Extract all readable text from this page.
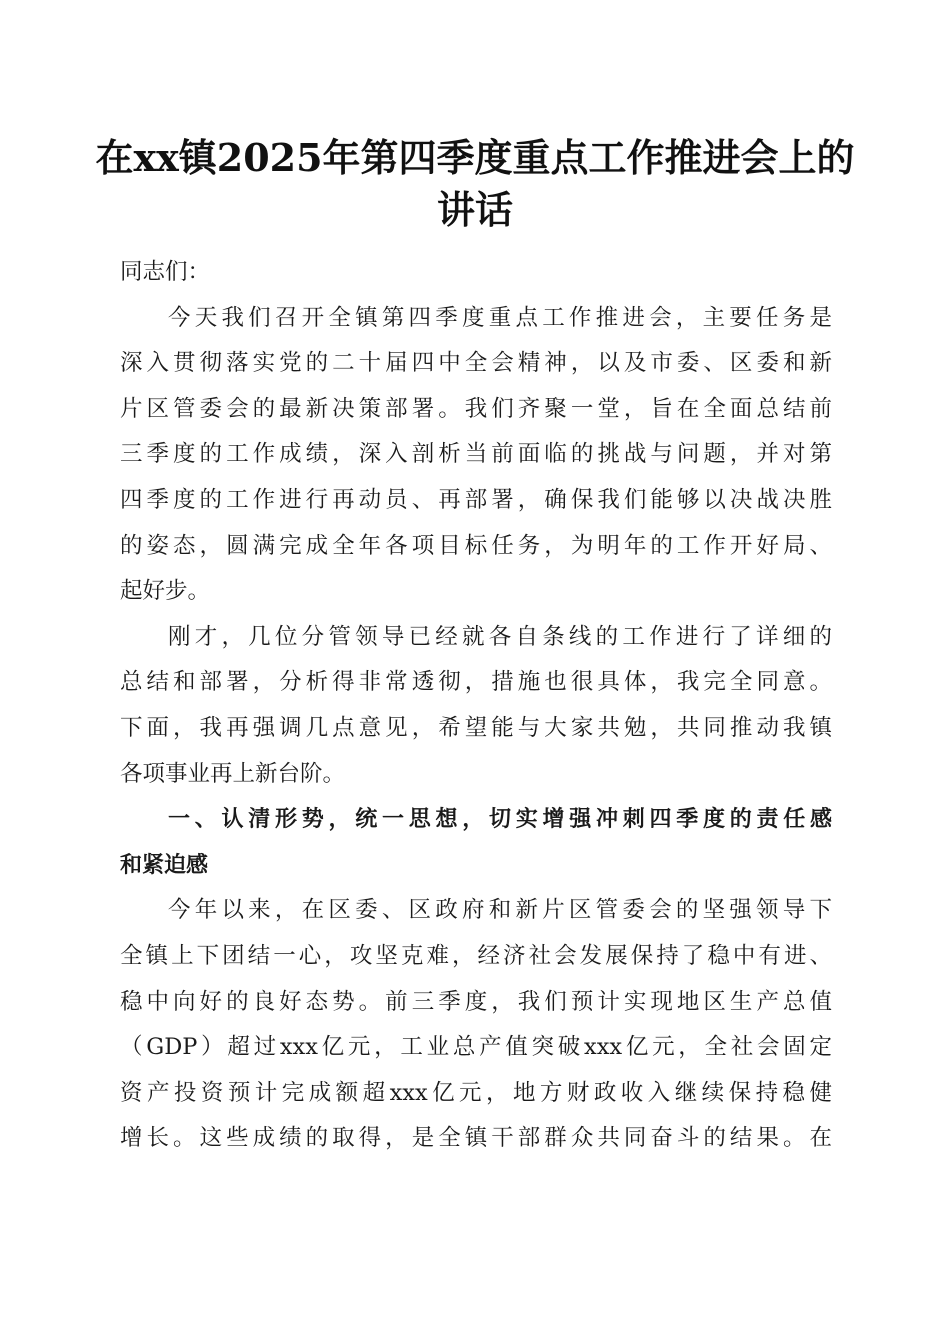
在xx镇2025年第四季度重点工作推进会上的
讲话
同志们：
今天我们召开全镇第四季度重点工作推进会，主要任务是
深入贯彻落实党的二十届四中全会精神，以及市委、区委和新
片区管委会的最新决策部署。我们齐聚一堂，旨在全面总结前
三季度的工作成绩，深入剖析当前面临的挑战与问题，并对第
四季度的工作进行再动员、再部署，确保我们能够以决战决胜
的姿态，圆满完成全年各项目标任务，为明年的工作开好局、
起好步。
刚才，几位分管领导已经就各自条线的工作进行了详细的
总结和部署，分析得非常透彻，措施也很具体，我完全同意。
下面，我再强调几点意见，希望能与大家共勉，共同推动我镇
各项事业再上新台阶。
一、认清形势，统一思想，切实增强冲刺四季度的责任感
和紧迫感
今年以来，在区委、区政府和新片区管委会的坚强领导下
全镇上下团结一心，攻坚克难，经济社会发展保持了稳中有进、
稳中向好的良好态势。前三季度，我们预计实现地区生产总值
（GDP）超过xxx亿元，工业总产值突破xxx亿元，全社会固定
资产投资预计完成额超xxx亿元，地方财政收入继续保持稳健
增长。这些成绩的取得，是全镇干部群众共同奋斗的结果。在
